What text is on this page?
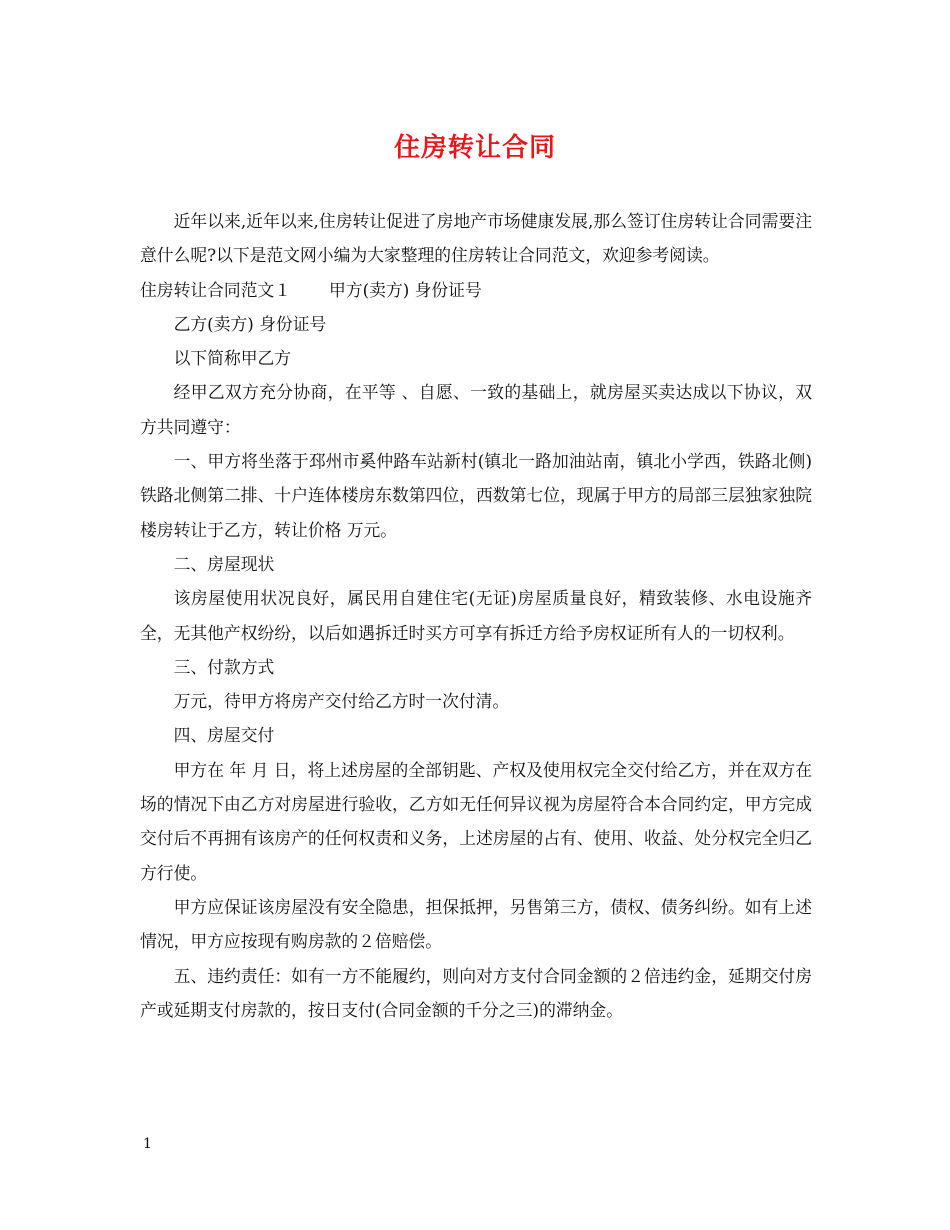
住房转让合同

近年以来,近年以来,住房转让促进了房地产市场健康发展,那么签订住房转让合同需要注意什么呢?以下是范文网小编为大家整理的住房转让合同范文，欢迎参考阅读。

住房转让合同范文１ 甲方(卖方) 身份证号

乙方(卖方) 身份证号

以下简称甲乙方

经甲乙双方充分协商，在平等 、自愿、一致的基础上，就房屋买卖达成以下协议，双方共同遵守：

一、甲方将坐落于邳州市奚仲路车站新村(镇北一路加油站南，镇北小学西，铁路北侧)铁路北侧第二排、十户连体楼房东数第四位，西数第七位，现属于甲方的局部三层独家独院楼房转让于乙方，转让价格 万元。

二、房屋现状

该房屋使用状况良好，属民用自建住宅(无证)房屋质量良好，精致装修、水电设施齐全，无其他产权纷纷，以后如遇拆迁时买方可享有拆迁方给予房权证所有人的一切权利。

三、付款方式

万元，待甲方将房产交付给乙方时一次付清。

四、房屋交付

甲方在 年 月 日，将上述房屋的全部钥匙、产权及使用权完全交付给乙方，并在双方在场的情况下由乙方对房屋进行验收，乙方如无任何异议视为房屋符合本合同约定，甲方完成交付后不再拥有该房产的任何权责和义务，上述房屋的占有、使用、收益、处分权完全归乙方行使。

甲方应保证该房屋没有安全隐患，担保抵押，另售第三方，债权、债务纠纷。如有上述情况，甲方应按现有购房款的２倍赔偿。

五、违约责任：如有一方不能履约，则向对方支付合同金额的２倍违约金，延期交付房产或延期支付房款的，按日支付(合同金额的千分之三)的滞纳金。

1
